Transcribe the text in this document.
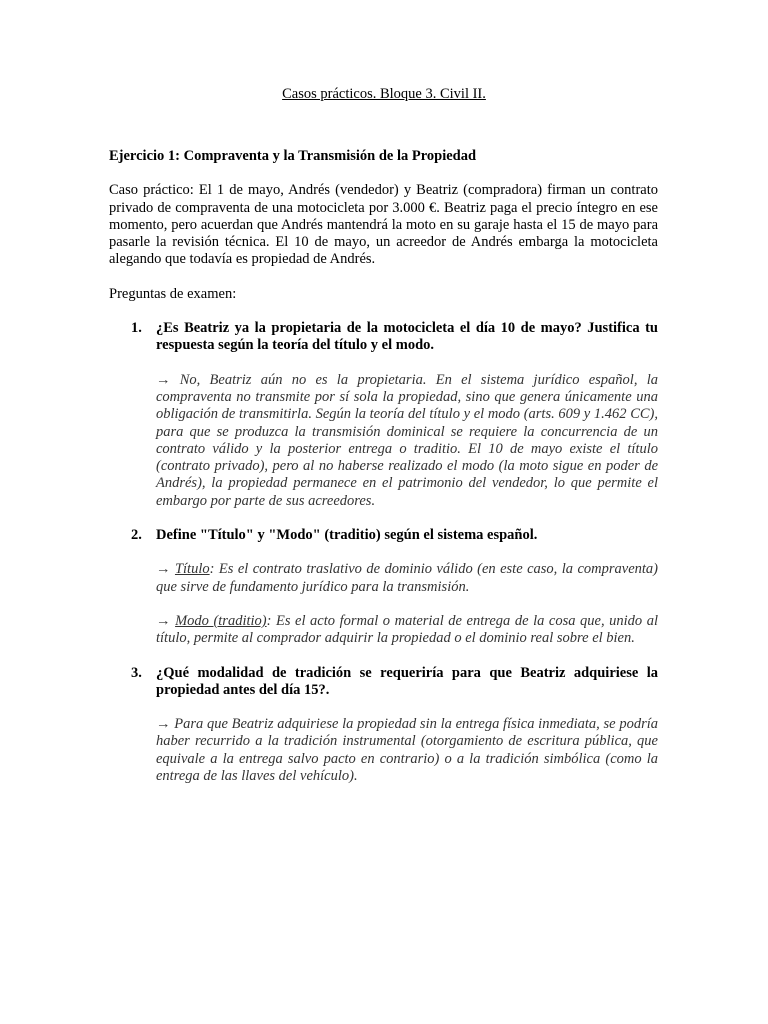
Casos prácticos. Bloque 3. Civil II.

Ejercicio 1: Compraventa y la Transmisión de la Propiedad

Caso práctico: El 1 de mayo, Andrés (vendedor) y Beatriz (compradora) firman un contrato privado de compraventa de una motocicleta por 3.000 €. Beatriz paga el precio íntegro en ese momento, pero acuerdan que Andrés mantendrá la moto en su garaje hasta el 15 de mayo para pasarle la revisión técnica. El 10 de mayo, un acreedor de Andrés embarga la motocicleta alegando que todavía es propiedad de Andrés.

Preguntas de examen:

1. ¿Es Beatriz ya la propietaria de la motocicleta el día 10 de mayo? Justifica tu respuesta según la teoría del título y el modo.

→ No, Beatriz aún no es la propietaria. En el sistema jurídico español, la compraventa no transmite por sí sola la propiedad, sino que genera únicamente una obligación de transmitirla. Según la teoría del título y el modo (arts. 609 y 1.462 CC), para que se produzca la transmisión dominical se requiere la concurrencia de un contrato válido y la posterior entrega o traditio. El 10 de mayo existe el título (contrato privado), pero al no haberse realizado el modo (la moto sigue en poder de Andrés), la propiedad permanece en el patrimonio del vendedor, lo que permite el embargo por parte de sus acreedores.

2. Define "Título" y "Modo" (traditio) según el sistema español.

→ Título: Es el contrato traslativo de dominio válido (en este caso, la compraventa) que sirve de fundamento jurídico para la transmisión.

→ Modo (traditio): Es el acto formal o material de entrega de la cosa que, unido al título, permite al comprador adquirir la propiedad o el dominio real sobre el bien.

3. ¿Qué modalidad de tradición se requeriría para que Beatriz adquiriese la propiedad antes del día 15?.

→ Para que Beatriz adquiriese la propiedad sin la entrega física inmediata, se podría haber recurrido a la tradición instrumental (otorgamiento de escritura pública, que equivale a la entrega salvo pacto en contrario) o a la tradición simbólica (como la entrega de las llaves del vehículo).
